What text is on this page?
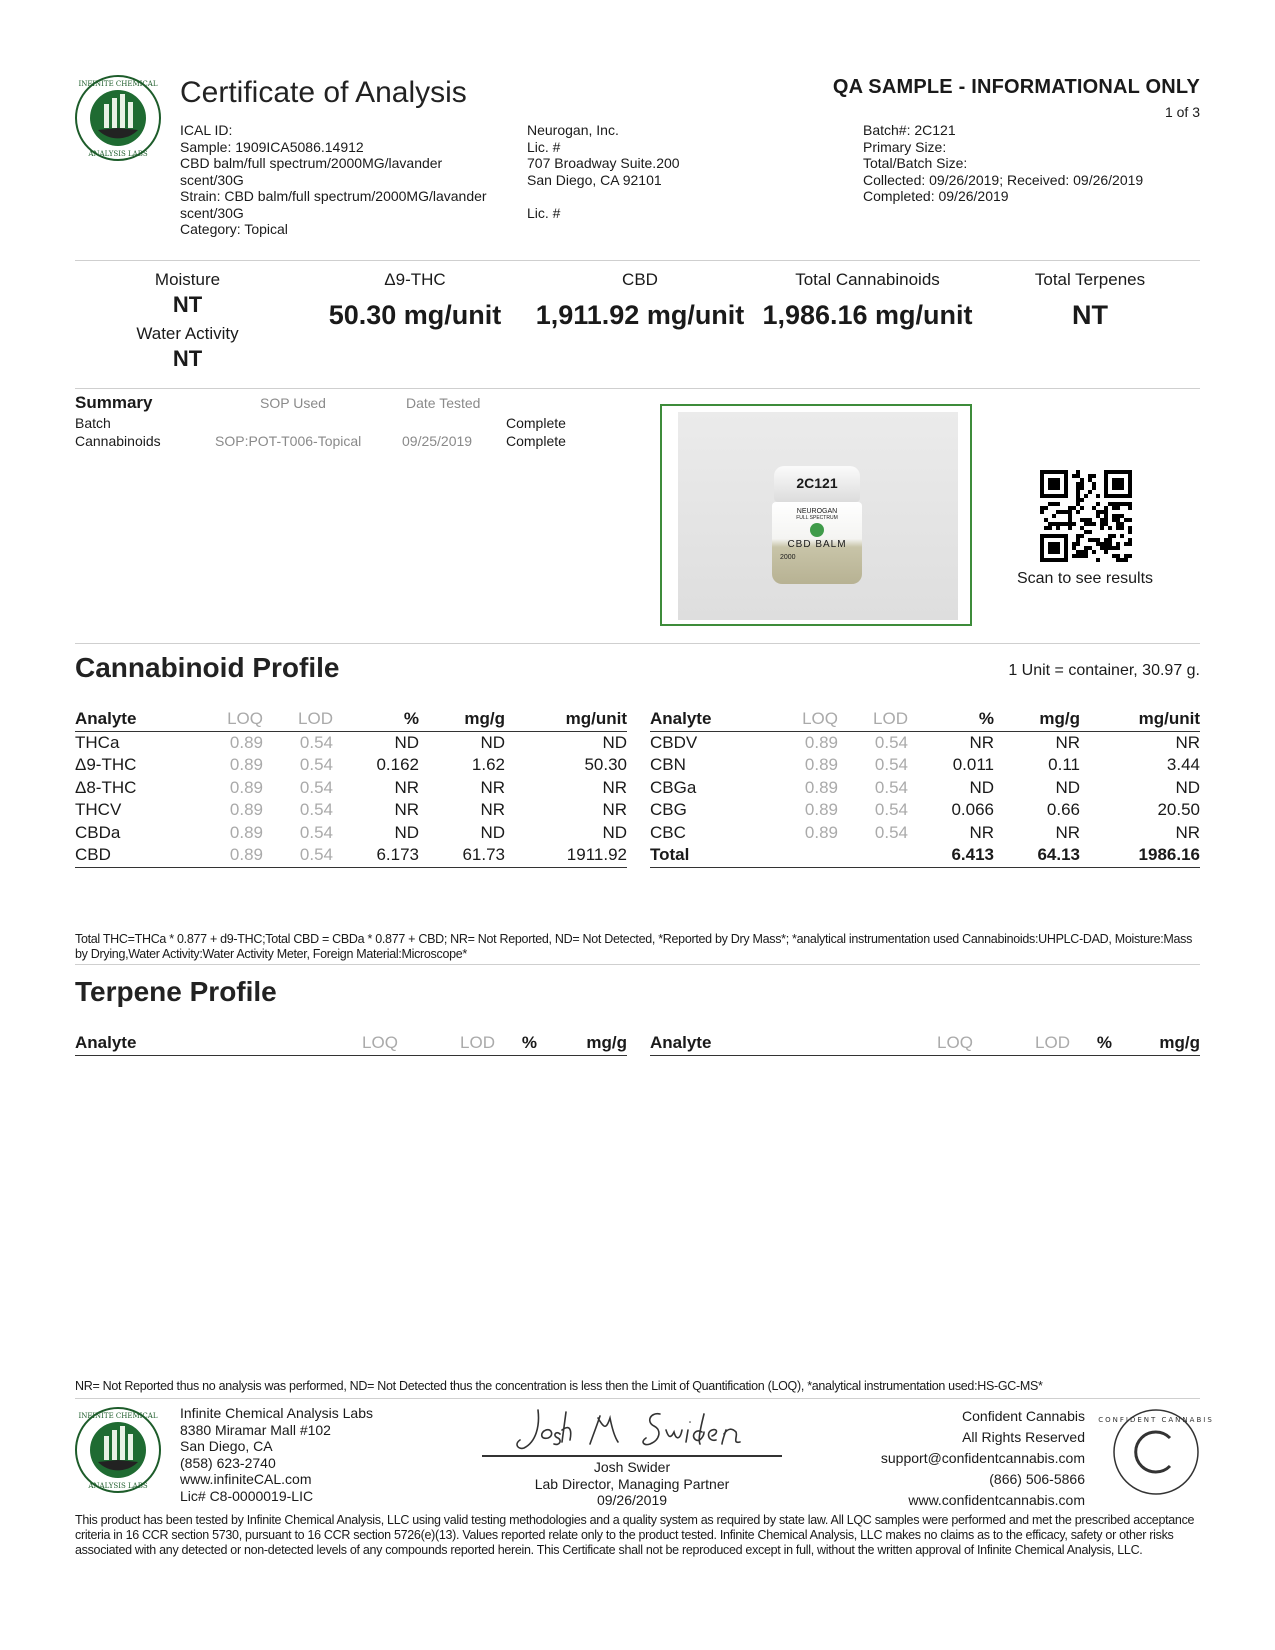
INFINITE CHEMICAL
ANALYSIS LABS
Certificate of Analysis	QA SAMPLE - INFORMATIONAL ONLY
1 of 3
ICAL ID:
Sample: 1909ICA5086.14912
CBD balm/full spectrum/2000MG/lavander
scent/30G
Strain: CBD balm/full spectrum/2000MG/lavander
scent/30G
Category: Topical
Neurogan, Inc.
Lic. #
707 Broadway Suite.200
San Diego, CA 92101
Lic. #
Batch#: 2C121
Primary Size:
Total/Batch Size:
Collected: 09/26/2019; Received: 09/26/2019
Completed: 09/26/2019
Moisture
NT
Water Activity
NT
Δ9-THC
50.30 mg/unit
CBD
1,911.92 mg/unit
Total Cannabinoids
1,986.16 mg/unit
Total Terpenes
NT
Summary	SOP Used	Date Tested
Batch	Complete
Cannabinoids	SOP:POT-T006-Topical	09/25/2019 Complete
2C121
NEUROGAN
FULL SPECTRUM
CBD BALM
2000
Scan to see results
Cannabinoid Profile	1 Unit = container, 30.97 g.
Analyte	LOQ	LOD	%	mg/g	mg/unit
THCa	0.89	0.54	ND	ND	ND
Δ9-THC	0.89	0.54	0.162	1.62	50.30
Δ8-THC	0.89	0.54	NR	NR	NR
THCV	0.89	0.54	NR	NR	NR
CBDa	0.89	0.54	ND	ND	ND
CBD	0.89	0.54	6.173	61.73	1911.92
Analyte	LOQ	LOD	%	mg/g	mg/unit
CBDV	0.89	0.54	NR	NR	NR
CBN	0.89	0.54	0.011	0.11	3.44
CBGa	0.89	0.54	ND	ND	ND
CBG	0.89	0.54	0.066	0.66	20.50
CBC	0.89	0.54	NR	NR	NR
Total			6.413	64.13	1986.16
Total THC=THCa * 0.877 + d9-THC;Total CBD = CBDa * 0.877 + CBD; NR= Not Reported, ND= Not Detected, *Reported by Dry Mass*; *analytical instrumentation used Cannabinoids:UHPLC-DAD, Moisture:Mass by Drying,Water Activity:Water Activity Meter, Foreign Material:Microscope*
Terpene Profile
Analyte	LOQ	LOD	%	mg/g Analyte	LOQ	LOD	%	mg/g
NR= Not Reported thus no analysis was performed, ND= Not Detected thus the concentration is less then the Limit of Quantification (LOQ), *analytical instrumentation used:HS-GC-MS*
INFINITE CHEMICAL
ANALYSIS LABS
Infinite Chemical Analysis Labs
8380 Miramar Mall #102
San Diego, CA
(858) 623-2740
www.infiniteCAL.com
Lic# C8-0000019-LIC
Josh Swider
Lab Director, Managing Partner
09/26/2019
Confident Cannabis
All Rights Reserved
support@confidentcannabis.com
(866) 506-5866
www.confidentcannabis.com
CONFIDENT CANNABIS
This product has been tested by Infinite Chemical Analysis, LLC using valid testing methodologies and a quality system as required by state law. All LQC samples were performed and met the prescribed acceptance criteria in 16 CCR section 5730, pursuant to 16 CCR section 5726(e)(13). Values reported relate only to the product tested. Infinite Chemical Analysis, LLC makes no claims as to the efficacy, safety or other risks associated with any detected or non-detected levels of any compounds reported herein. This Certificate shall not be reproduced except in full, without the written approval of Infinite Chemical Analysis, LLC.
